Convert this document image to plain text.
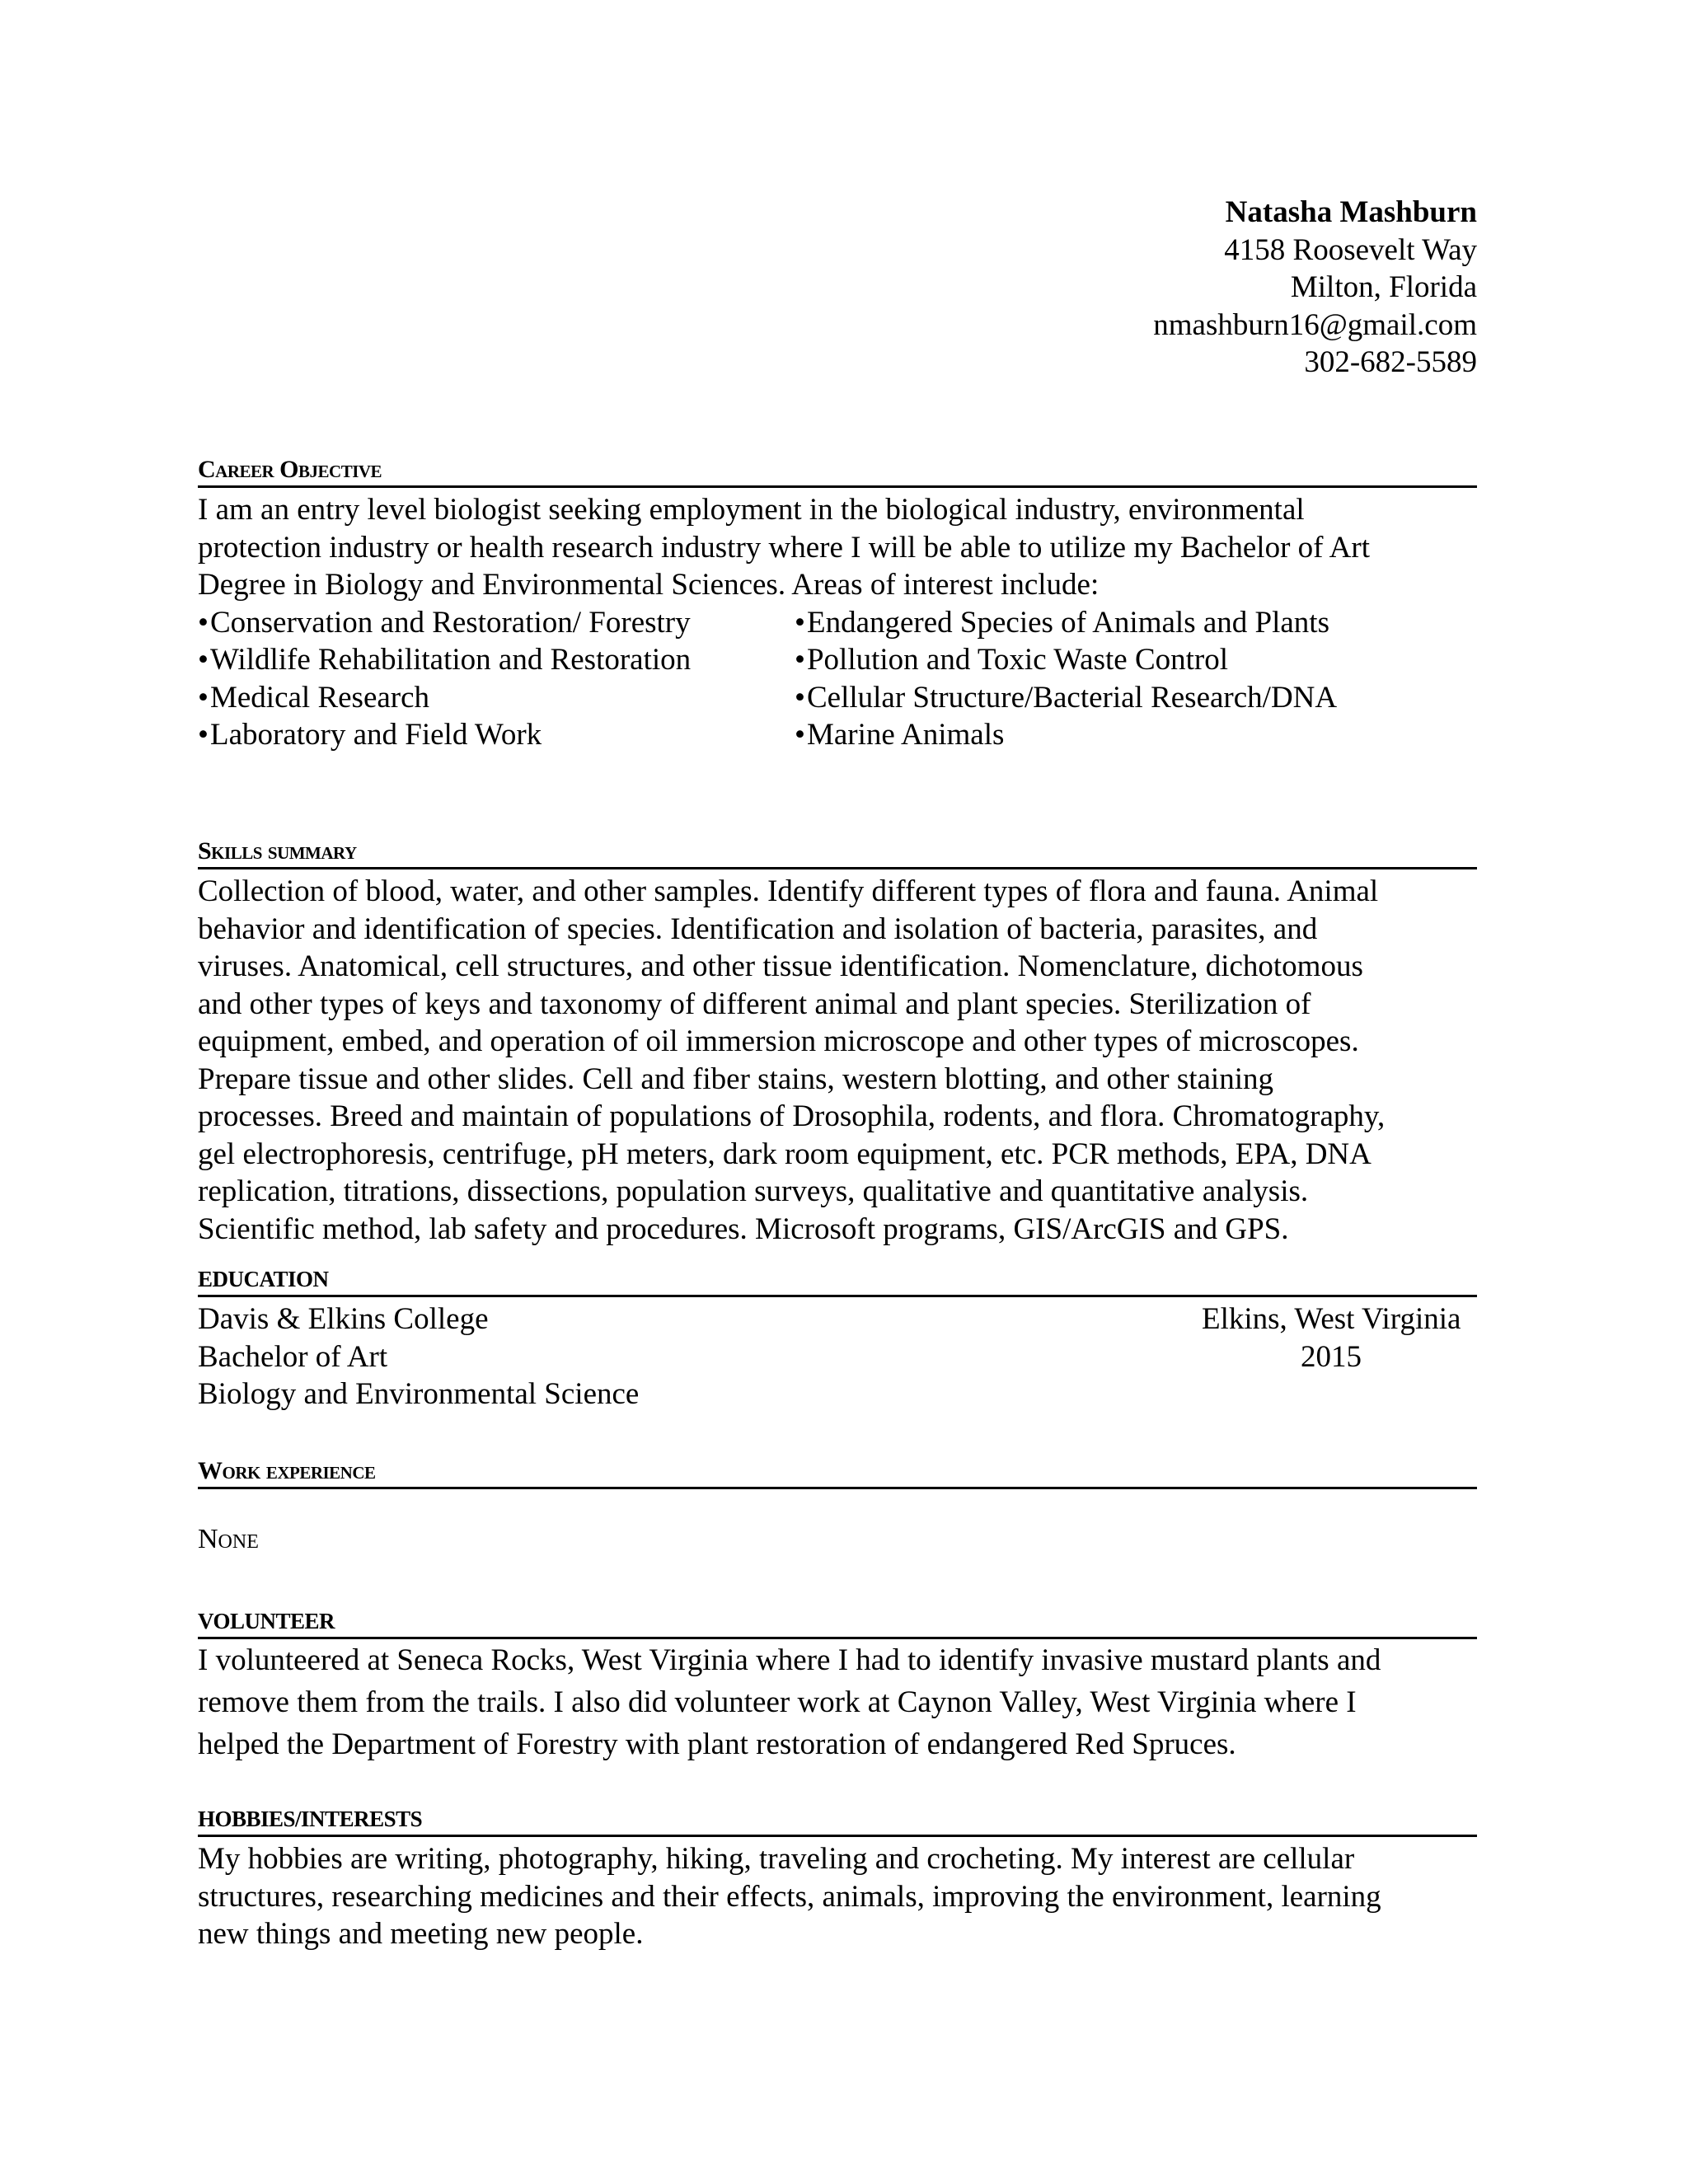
Natasha Mashburn
4158 Roosevelt Way
Milton, Florida
nmashburn16@gmail.com
302-682-5589
Career Objective
I am an entry level biologist seeking employment in the biological industry, environmental
protection industry or health research industry where I will be able to utilize my Bachelor of Art
Degree in Biology and Environmental Sciences. Areas of interest include:
• Conservation and Restoration/ Forestry	• Endangered Species of Animals and Plants
• Wildlife Rehabilitation and Restoration	• Pollution and Toxic Waste Control
• Medical Research	• Cellular Structure/Bacterial Research/DNA
• Laboratory and Field Work	• Marine Animals
Skills summary
Collection of blood, water, and other samples. Identify different types of flora and fauna. Animal
behavior and identification of species. Identification and isolation of bacteria, parasites, and
viruses. Anatomical, cell structures, and other tissue identification. Nomenclature, dichotomous
and other types of keys and taxonomy of different animal and plant species. Sterilization of
equipment, embed, and operation of oil immersion microscope and other types of microscopes.
Prepare tissue and other slides. Cell and fiber stains, western blotting, and other staining
processes. Breed and maintain of populations of Drosophila, rodents, and flora. Chromatography,
gel electrophoresis, centrifuge, pH meters, dark room equipment, etc. PCR methods, EPA, DNA
replication, titrations, dissections, population surveys, qualitative and quantitative analysis.
Scientific method, lab safety and procedures. Microsoft programs, GIS/ArcGIS and GPS.
EDUCATION
Davis & Elkins College	Elkins, West Virginia
Bachelor of Art	2015
Biology and Environmental Science
Work experience
None
VOLUNTEER
I volunteered at Seneca Rocks, West Virginia where I had to identify invasive mustard plants and
remove them from the trails. I also did volunteer work at Caynon Valley, West Virginia where I
helped the Department of Forestry with plant restoration of endangered Red Spruces.
HOBBIES/INTERESTS
My hobbies are writing, photography, hiking, traveling and crocheting. My interest are cellular
structures, researching medicines and their effects, animals, improving the environment, learning
new things and meeting new people.
